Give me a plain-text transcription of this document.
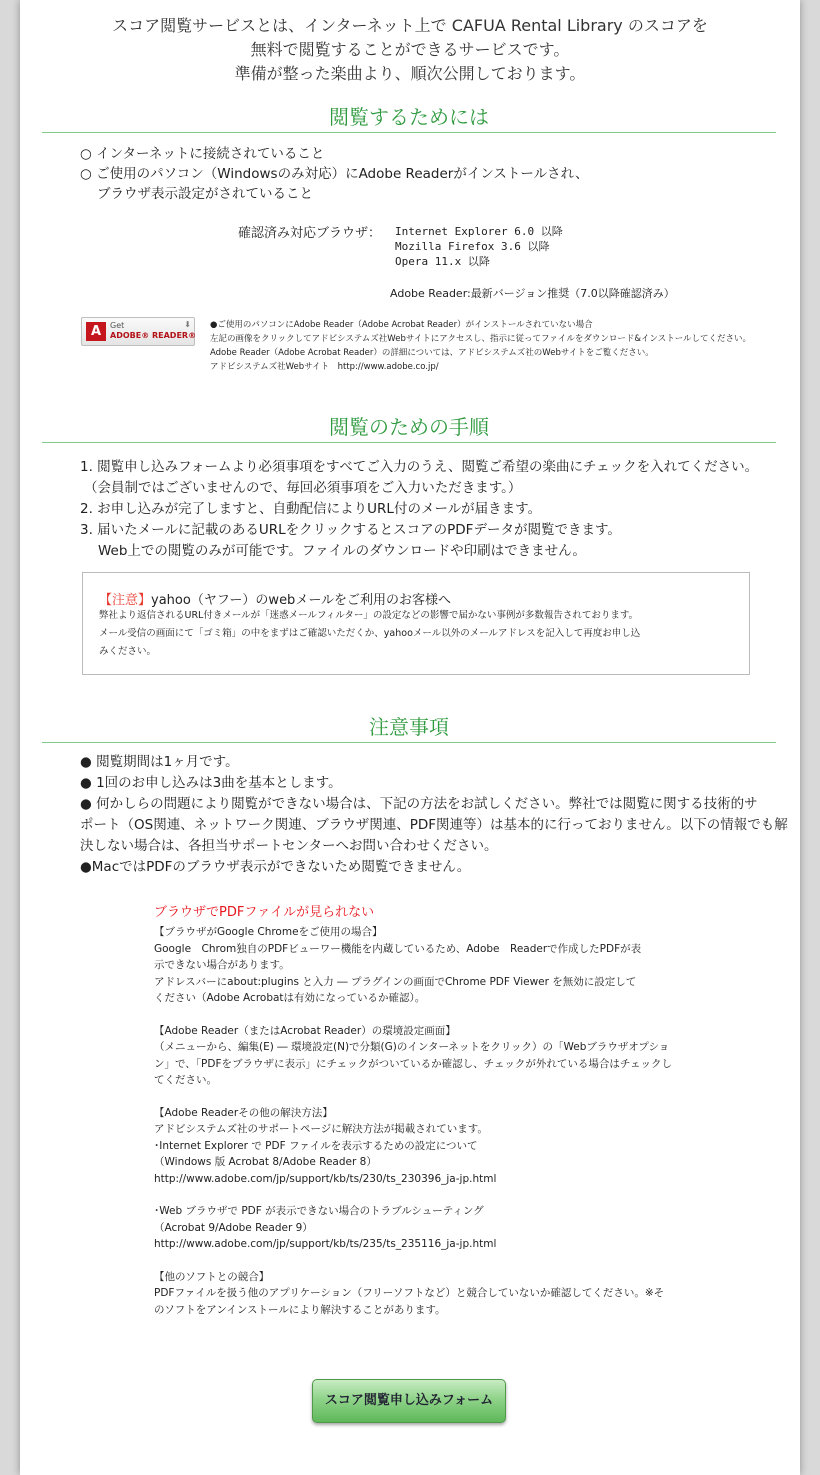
スコア閲覧サービスとは、インターネット上で CAFUA Rental Library のスコアを
無料で閲覧することができるサービスです。
準備が整った楽曲より、順次公開しております。
閲覧するためには
○ インターネットに接続されていること
○ ご使用のパソコン（Windowsのみ対応）にAdobe Readerがインストールされ、
ブラウザ表示設定がされていること
確認済み対応ブラウザ： Internet Explorer 6.0 以降
Mozilla Firefox 3.6 以降
Opera 11.x 以降
Adobe Reader:最新バージョン推奨（7.0以降確認済み）
A	Get
ADOBE® READER®
⬇ ●ご使用のパソコンにAdobe Reader（Adobe Acrobat Reader）がインストールされていない場合
左記の画像をクリックしてアドビシステムズ社Webサイトにアクセスし、指示に従ってファイルをダウンロード&インストールしてください。
Adobe Reader（Adobe Acrobat Reader）の詳細については、アドビシステムズ社のWebサイトをご覧ください。
アドビシステムズ社Webサイト　http://www.adobe.co.jp/
閲覧のための手順
1. 閲覧申し込みフォームより必須事項をすべてご入力のうえ、閲覧ご希望の楽曲にチェックを入れてください。
（会員制ではございませんので、毎回必須事項をご入力いただきます。）
2. お申し込みが完了しますと、自動配信によりURL付のメールが届きます。
3. 届いたメールに記載のあるURLをクリックするとスコアのPDFデータが閲覧できます。
Web上での閲覧のみが可能です。ファイルのダウンロードや印刷はできません。
【注意】yahoo（ヤフー）のwebメールをご利用のお客様へ
弊社より返信されるURL付きメールが「迷惑メールフィルター」の設定などの影響で届かない事例が多数報告されております。
メール受信の画面にて「ゴミ箱」の中をまずはご確認いただくか、yahooメール以外のメールアドレスを記入して再度お申し込
みください。
注意事項
● 閲覧期間は1ヶ月です。
● 1回のお申し込みは3曲を基本とします。
● 何かしらの問題により閲覧ができない場合は、下記の方法をお試しください。弊社では閲覧に関する技術的サ
ポート（OS関連、ネットワーク関連、ブラウザ関連、PDF関連等）は基本的に行っておりません。以下の情報でも解
決しない場合は、各担当サポートセンターへお問い合わせください。
●MacではPDFのブラウザ表示ができないため閲覧できません。
ブラウザでPDFファイルが見られない
【ブラウザがGoogle Chromeをご使用の場合】
Google　Chrom独自のPDFビューワー機能を内蔵しているため、Adobe　Readerで作成したPDFが表
示できない場合があります。
アドレスバーにabout:plugins と入力 ― プラグインの画面でChrome PDF Viewer を無効に設定して
ください（Adobe Acrobatは有効になっているか確認）。
【Adobe Reader（またはAcrobat Reader）の環境設定画面】
（メニューから、編集(E) ― 環境設定(N)で分類(G)のインターネットをクリック）の「Webブラウザオプショ
ン」で、「PDFをブラウザに表示」にチェックがついているか確認し、チェックが外れている場合はチェックし
てください。
【Adobe Readerその他の解決方法】
アドビシステムズ社のサポートページに解決方法が掲載されています。
･Internet Explorer で PDF ファイルを表示するための設定について
（Windows 版 Acrobat 8/Adobe Reader 8）
http://www.adobe.com/jp/support/kb/ts/230/ts_230396_ja-jp.html
･Web ブラウザで PDF が表示できない場合のトラブルシューティング
（Acrobat 9/Adobe Reader 9）
http://www.adobe.com/jp/support/kb/ts/235/ts_235116_ja-jp.html
【他のソフトとの競合】
PDFファイルを扱う他のアプリケーション（フリーソフトなど）と競合していないか確認してください。※そ
のソフトをアンインストールにより解決することがあります。
スコア閲覧申し込みフォーム
